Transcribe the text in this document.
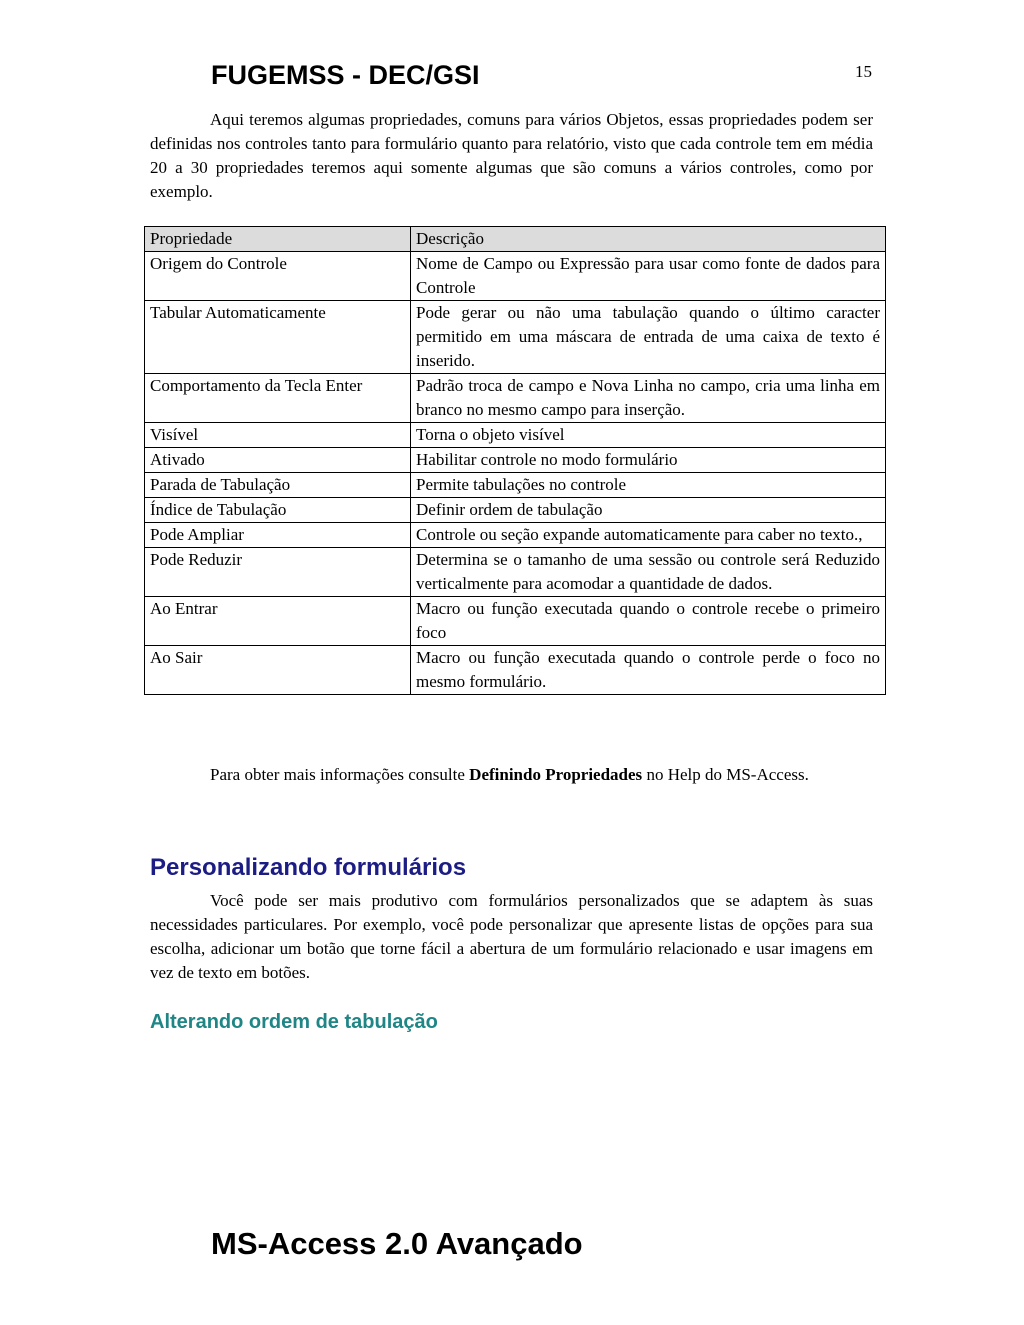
FUGEMSS - DEC/GSI	15

Aqui teremos algumas propriedades, comuns para vários Objetos, essas propriedades podem ser definidas nos controles tanto para formulário quanto para relatório, visto que cada controle tem em média 20 a 30 propriedades teremos aqui somente algumas que são comuns a vários controles, como por exemplo.

Propriedade	Descrição
Origem do Controle	Nome de Campo ou Expressão para usar como fonte de dados para Controle
Tabular Automaticamente	Pode gerar ou não uma tabulação quando o último caracter permitido em uma máscara de entrada de uma caixa de texto é inserido.
Comportamento da Tecla Enter	Padrão troca de campo e Nova Linha no campo, cria uma linha em branco no mesmo campo para inserção.
Visível	Torna o objeto visível
Ativado	Habilitar controle no modo formulário
Parada de Tabulação	Permite tabulações no controle
Índice de Tabulação	Definir ordem de tabulação
Pode Ampliar	Controle ou seção expande automaticamente para caber no texto.,
Pode Reduzir	Determina se o tamanho de uma sessão ou controle será Reduzido verticalmente para acomodar a quantidade de dados.
Ao Entrar	Macro ou função executada quando o controle recebe o primeiro foco
Ao Sair	Macro ou função executada quando o controle perde o foco no mesmo formulário.

Para obter mais informações consulte Definindo Propriedades no Help do MS-Access.

Personalizando formulários

Você pode ser mais produtivo com formulários personalizados que se adaptem às suas necessidades particulares. Por exemplo, você pode personalizar que apresente listas de opções para sua escolha, adicionar um botão que torne fácil a abertura de um formulário relacionado e usar imagens em vez de texto em botões.

Alterando ordem de tabulação
MS-Access 2.0 Avançado
